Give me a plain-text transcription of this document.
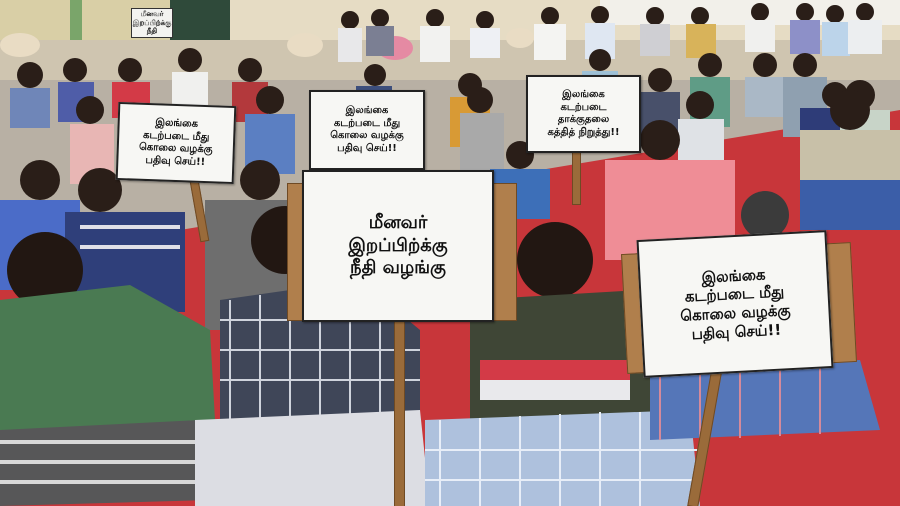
மீனவர்
இறப்பிற்க்கு
நீதி
இலங்கை
கடற்படை மீது
கொலை வழக்கு
பதிவு செய்!!
இலங்கை
கடற்படை மீது
கொலை வழக்கு
பதிவு செய்!!
இலங்கை
கடற்படை
தாக்குதலை
கத்தித் நிறுத்து!!
மீனவர்
இறப்பிற்க்கு
நீதி வழங்கு	இலங்கை
கடற்படை மீது
கொலை வழக்கு
பதிவு செய்!!
